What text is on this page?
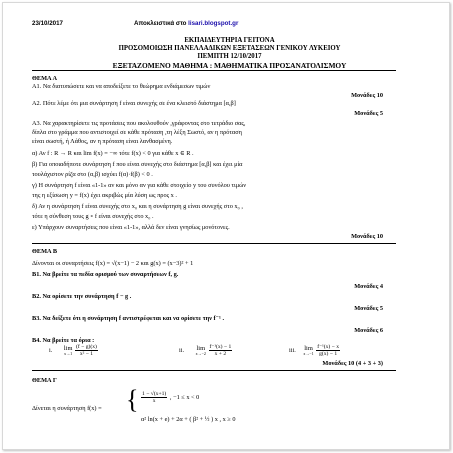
23/10/2017	Αποκλειστικά στο lisari.blogspot.gr
ΕΚΠΑΙΔΕΥΤΗΡΙΑ ΓΕΙΤΟΝΑ
ΠΡΟΣΟΜΟΙΩΣΗ ΠΑΝΕΛΛΑΔΙΚΩΝ ΕΞΕΤΑΣΕΩΝ ΓΕΝΙΚΟΥ ΛΥΚΕΙΟΥ
ΠΕΜΠΤΗ 12/10/2017
ΕΞΕΤΑΖΟΜΕΝΟ ΜΑΘΗΜΑ : ΜΑΘΗΜΑΤΙΚΑ ΠΡΟΣΑΝΑΤΟΛΙΣΜΟΥ
ΘΕΜΑ Α
Α1. Να διατυπώσετε και να αποδείξετε το θεώρημα ενδιάμεσων τιμών
Μονάδες 10
Α2. Πότε λέμε ότι μια συνάρτηση f είναι συνεχής σε ένα κλειστό διάστημα [α,β]
Μονάδες 5
Α3. Να χαρακτηρίσετε τις προτάσεις που ακολουθούν ,γράφοντας στο τετράδιο σας,
δίπλα στο γράμμα που αντιστοιχεί σε κάθε πρόταση ,τη λέξη Σωστό, αν η πρόταση
είναι σωστή, ή Λάθος, αν η πρόταση είναι λανθασμένη.
α) Αν f : R → R και lim f(x) = −∞ τότε f(x) < 0 για κάθε x ∈ R .
β) Για οποιαδήποτε συνάρτηση f που είναι συνεχής στο διάστημα [α,β] και έχει μία
τουλάχιστον ρίζα στο (α,β) ισχύει f(α)·f(β) < 0 .
γ) Η συνάρτηση f είναι «1-1» αν και μόνο αν για κάθε στοιχείο y του συνόλου τιμών
της η εξίσωση y = f(x) έχει ακριβώς μία λύση ως προς x .
δ) Αν η συνάρτηση f είναι συνεχής στο x₀ και η συνάρτηση g είναι συνεχής στο x₀ ,
τότε η σύνθεση τους g ∘ f είναι συνεχής στο x₀ .
ε) Υπάρχουν συναρτήσεις που είναι «1-1», αλλά δεν είναι γνησίως μονότονες.
Μονάδες 10
ΘΕΜΑ Β
Δίνονται οι συναρτήσεις f(x) = √(x−1) − 2 και g(x) = (x−3)² + 1
Β1. Να βρείτε τα πεδία ορισμού των συναρτήσεων f, g.
Μονάδες 4
Β2. Να ορίσετε την συνάρτηση f − g .
Μονάδες 5
Β3. Να δείξετε ότι η συνάρτηση f αντιστρέφεται και να ορίσετε την f⁻¹ .
Μονάδες 6
Β4. Να βρείτε τα όρια :
i. lim
x→1
$\frac{(f - g)(x)}{\text{x² − 1}}$	ii. lim
x→−2
$\frac{\text{f⁻¹(x) − 1}}{x + 2}$	iii. lim
x→−1
$\frac{\text{f⁻¹(x) − x}}{g(x) - 1}$
Μονάδες 10 (4 + 3 + 3)
ΘΕΜΑ Γ
Δίνεται η συνάρτηση f(x) = { $\frac{1 - √(x+1)}{x}$ , −1 ≤ x < 0
α² ln(x + e) + 2α + ( β² + ½ ) x , x ≥ 0
